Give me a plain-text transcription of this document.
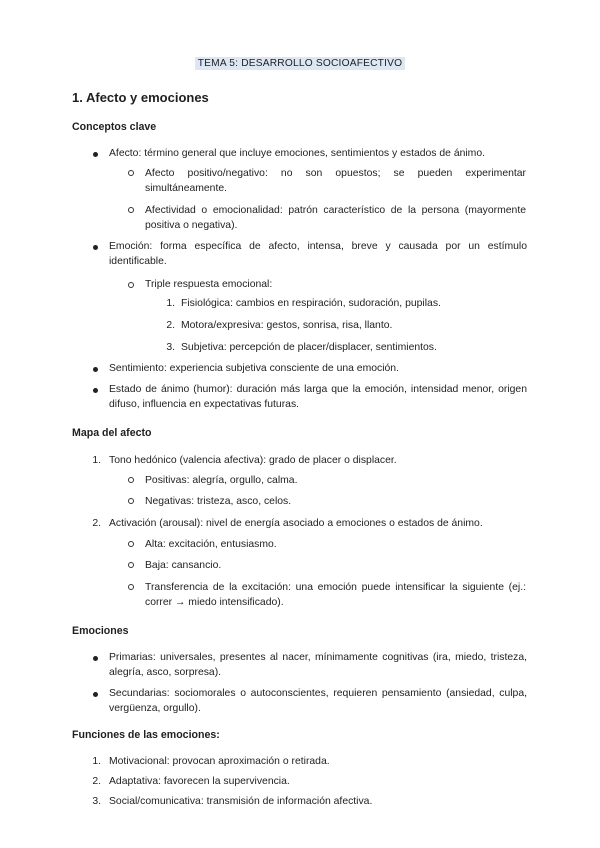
TEMA 5: DESARROLLO SOCIOAFECTIVO
1. Afecto y emociones
Conceptos clave
Afecto: término general que incluye emociones, sentimientos y estados de ánimo.
Afecto positivo/negativo: no son opuestos; se pueden experimentar simultáneamente.
Afectividad o emocionalidad: patrón característico de la persona (mayormente positiva o negativa).
Emoción: forma específica de afecto, intensa, breve y causada por un estímulo identificable.
Triple respuesta emocional:
1. Fisiológica: cambios en respiración, sudoración, pupilas.
2. Motora/expresiva: gestos, sonrisa, risa, llanto.
3. Subjetiva: percepción de placer/displacer, sentimientos.
Sentimiento: experiencia subjetiva consciente de una emoción.
Estado de ánimo (humor): duración más larga que la emoción, intensidad menor, origen difuso, influencia en expectativas futuras.
Mapa del afecto
1. Tono hedónico (valencia afectiva): grado de placer o displacer.
Positivas: alegría, orgullo, calma.
Negativas: tristeza, asco, celos.
2. Activación (arousal): nivel de energía asociado a emociones o estados de ánimo.
Alta: excitación, entusiasmo.
Baja: cansancio.
Transferencia de la excitación: una emoción puede intensificar la siguiente (ej.: correr → miedo intensificado).
Emociones
Primarias: universales, presentes al nacer, mínimamente cognitivas (ira, miedo, tristeza, alegría, asco, sorpresa).
Secundarias: sociomorales o autoconscientes, requieren pensamiento (ansiedad, culpa, vergüenza, orgullo).
Funciones de las emociones:
1. Motivacional: provocan aproximación o retirada.
2. Adaptativa: favorecen la supervivencia.
3. Social/comunicativa: transmisión de información afectiva.
